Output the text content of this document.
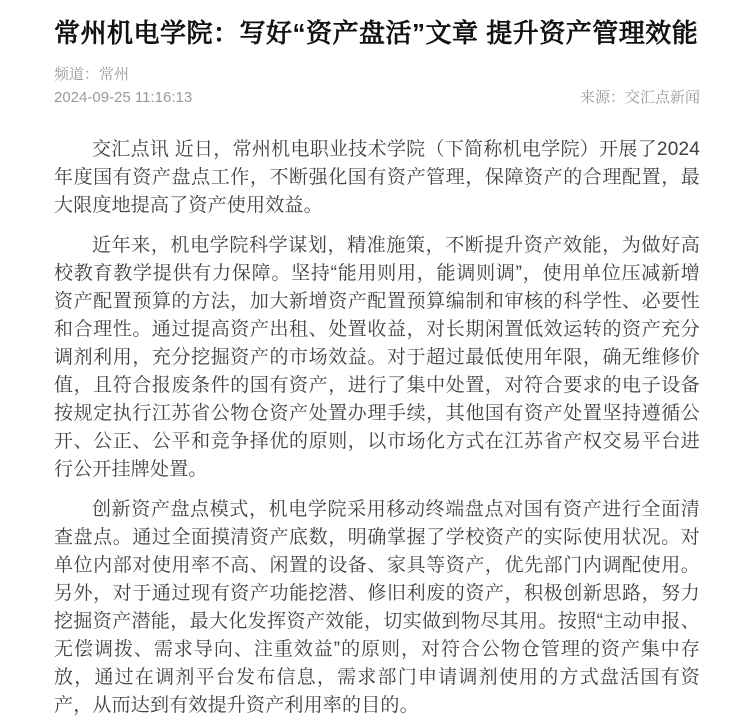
常州机电学院：写好“资产盘活”文章 提升资产管理效能
频道：常州
2024-09-25 11:16:13	来源：交汇点新闻

交汇点讯 近日，常州机电职业技术学院（下简称机电学院）开展了2024年度国有资产盘点工作，不断强化国有资产管理，保障资产的合理配置，最大限度地提高了资产使用效益。

近年来，机电学院科学谋划，精准施策，不断提升资产效能，为做好高校教育教学提供有力保障。坚持“能用则用，能调则调”，使用单位压减新增资产配置预算的方法，加大新增资产配置预算编制和审核的科学性、必要性和合理性。通过提高资产出租、处置收益，对长期闲置低效运转的资产充分调剂利用，充分挖掘资产的市场效益。对于超过最低使用年限，确无维修价值，且符合报废条件的国有资产，进行了集中处置，对符合要求的电子设备按规定执行江苏省公物仓资产处置办理手续，其他国有资产处置坚持遵循公开、公正、公平和竞争择优的原则，以市场化方式在江苏省产权交易平台进行公开挂牌处置。

创新资产盘点模式，机电学院采用移动终端盘点对国有资产进行全面清查盘点。通过全面摸清资产底数，明确掌握了学校资产的实际使用状况。对单位内部对使用率不高、闲置的设备、家具等资产，优先部门内调配使用。另外，对于通过现有资产功能挖潜、修旧利废的资产，积极创新思路，努力挖掘资产潜能，最大化发挥资产效能，切实做到物尽其用。按照“主动申报、无偿调拨、需求导向、注重效益”的原则，对符合公物仓管理的资产集中存放，通过在调剂平台发布信息，需求部门申请调剂使用的方式盘活国有资产，从而达到有效提升资产利用率的目的。
